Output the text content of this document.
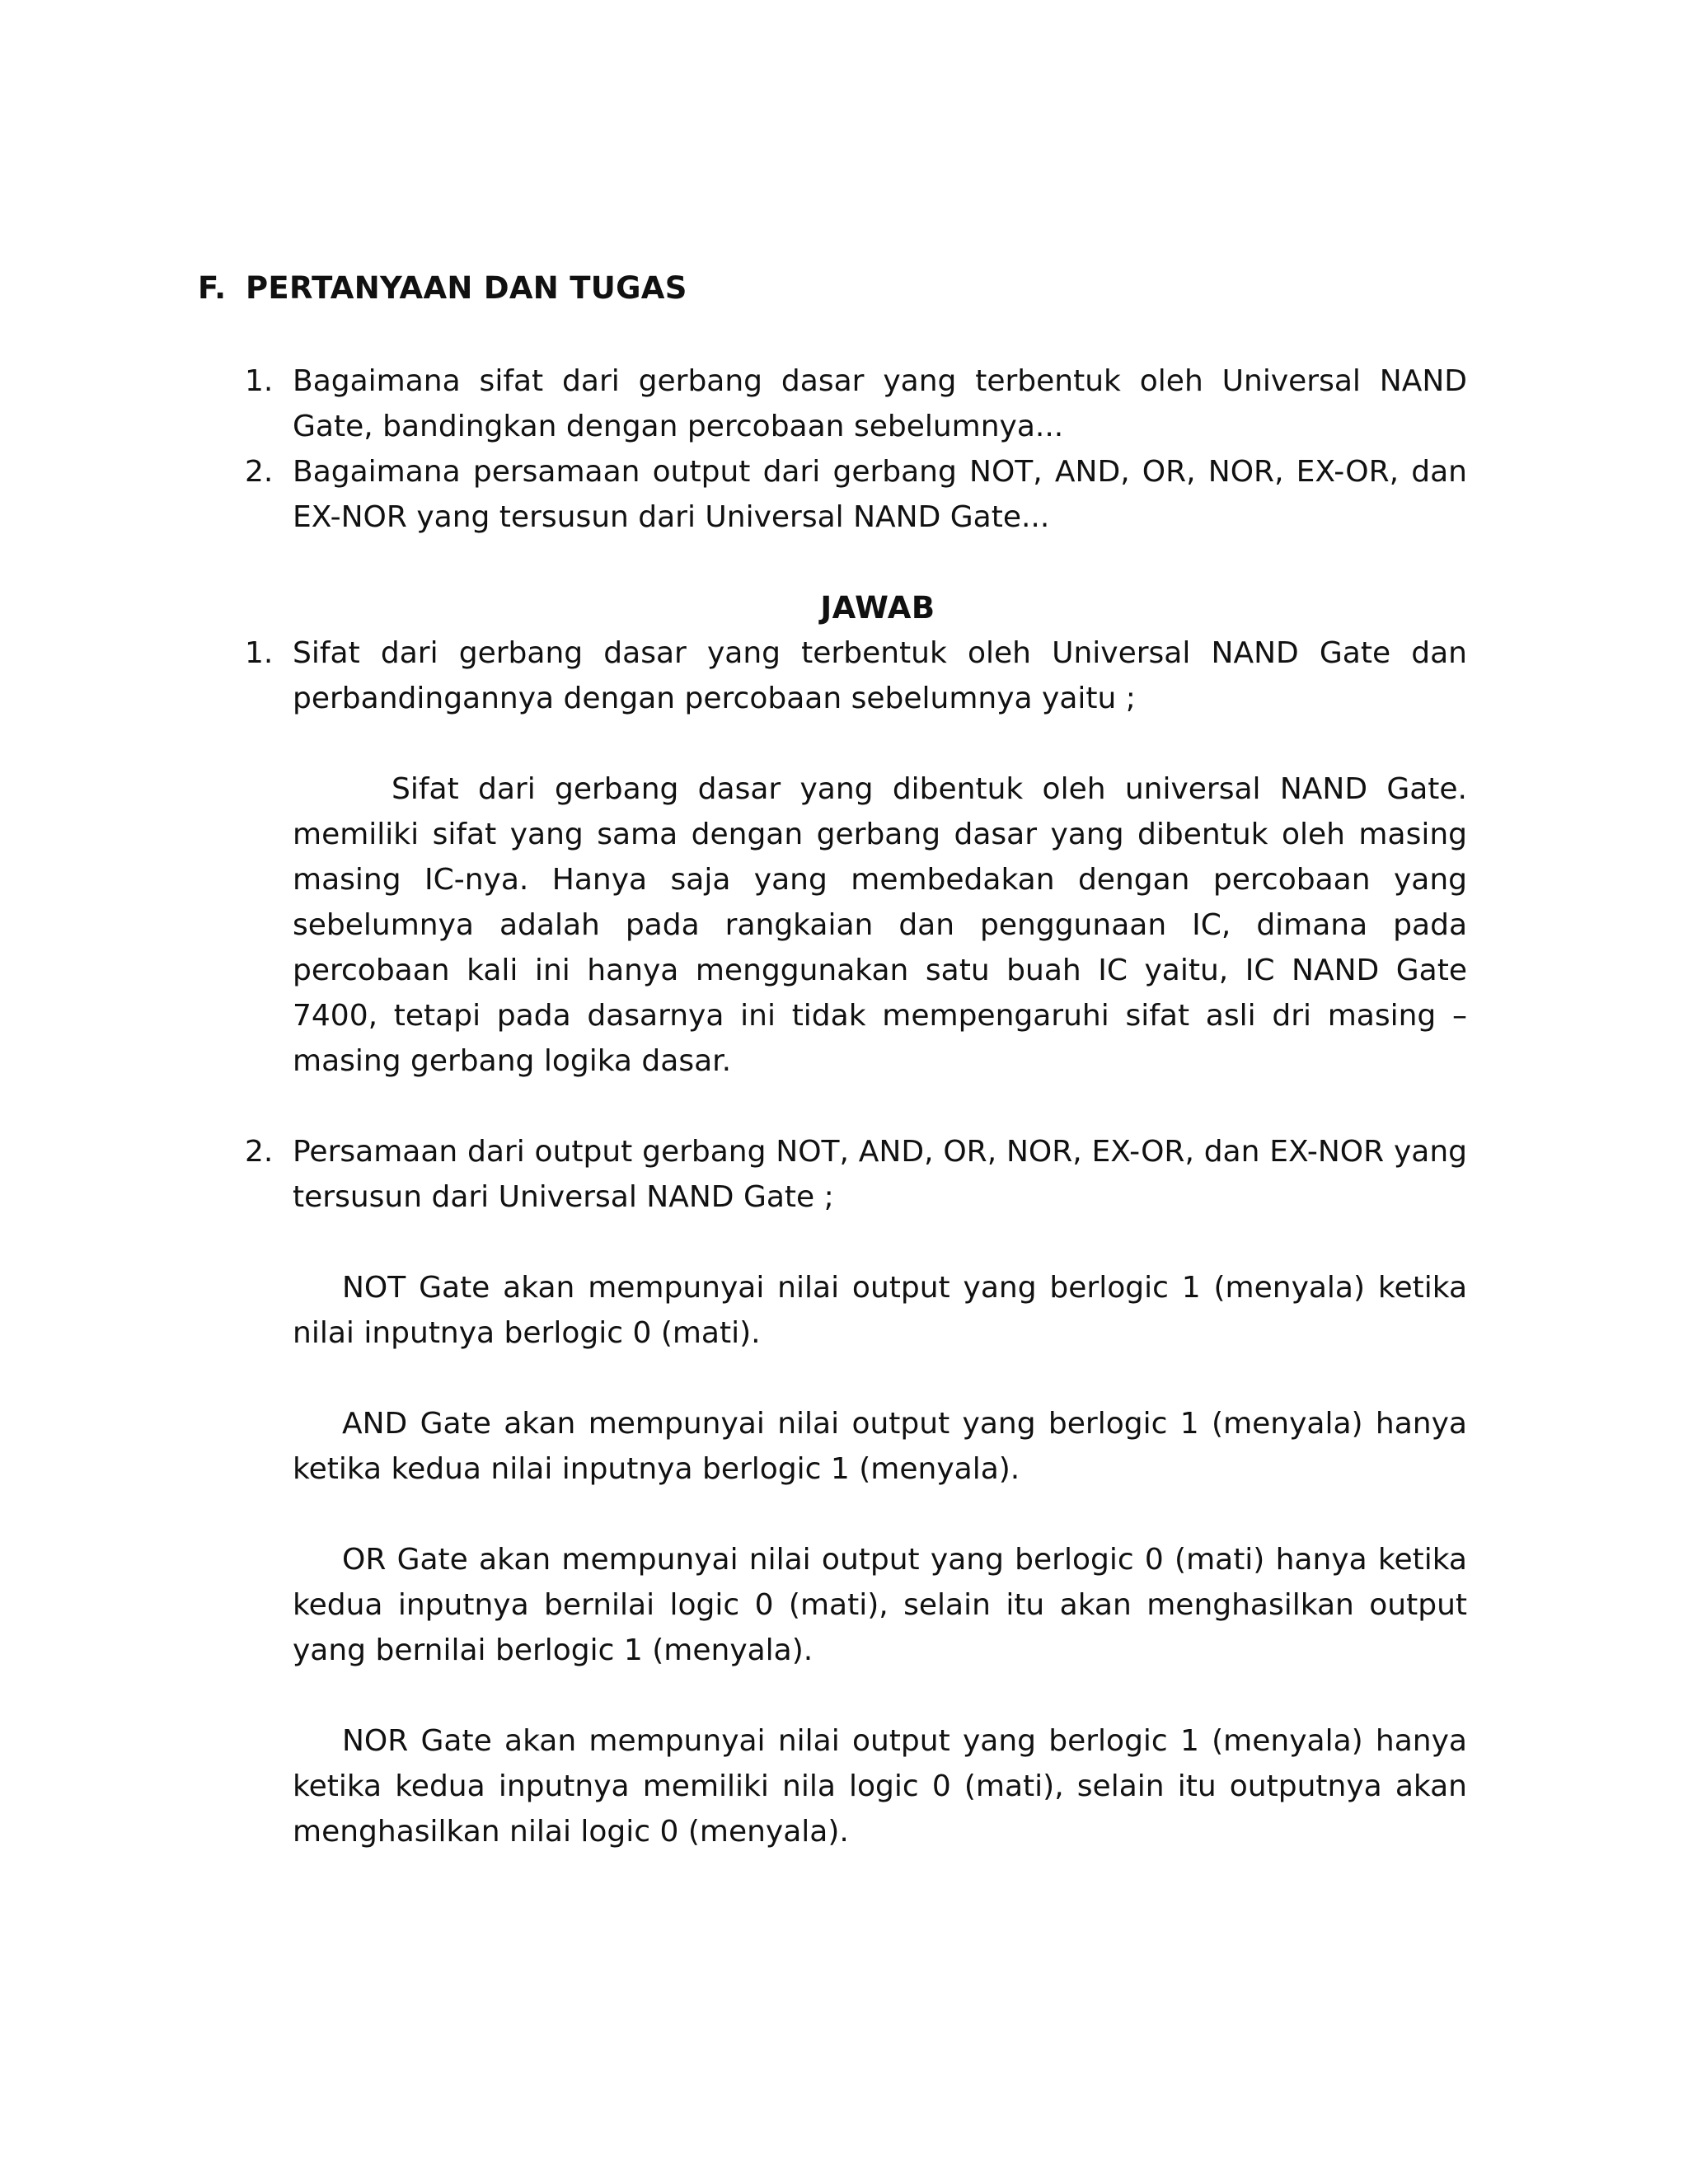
F. PERTANYAAN DAN TUGAS
1. Bagaimana sifat dari gerbang dasar yang terbentuk oleh Universal NAND Gate, bandingkan dengan percobaan sebelumnya...
2. Bagaimana persamaan output dari gerbang NOT, AND, OR, NOR, EX-OR, dan EX-NOR yang tersusun dari Universal NAND Gate...
JAWAB
1. Sifat dari gerbang dasar yang terbentuk oleh Universal NAND Gate dan perbandingannya dengan percobaan sebelumnya yaitu ;
Sifat dari gerbang dasar yang dibentuk oleh universal NAND Gate. memiliki sifat yang sama dengan gerbang dasar yang dibentuk oleh masing masing IC-nya. Hanya saja yang membedakan dengan percobaan yang sebelumnya adalah pada rangkaian dan penggunaan IC, dimana pada percobaan kali ini hanya menggunakan satu buah IC yaitu, IC NAND Gate 7400, tetapi pada dasarnya ini tidak mempengaruhi sifat asli dri masing – masing gerbang logika dasar.
2. Persamaan dari output gerbang NOT, AND, OR, NOR, EX-OR, dan EX-NOR yang tersusun dari Universal NAND Gate ;
NOT Gate akan mempunyai nilai output yang berlogic 1 (menyala) ketika nilai inputnya berlogic 0 (mati).
AND Gate akan mempunyai nilai output yang berlogic 1 (menyala) hanya ketika kedua nilai inputnya berlogic 1 (menyala).
OR Gate akan mempunyai nilai output yang berlogic 0 (mati) hanya ketika kedua inputnya bernilai logic 0 (mati), selain itu akan menghasilkan output yang bernilai berlogic 1 (menyala).
NOR Gate akan mempunyai nilai output yang berlogic 1 (menyala) hanya ketika kedua inputnya memiliki nila logic 0 (mati), selain itu outputnya akan menghasilkan nilai logic 0 (menyala).
